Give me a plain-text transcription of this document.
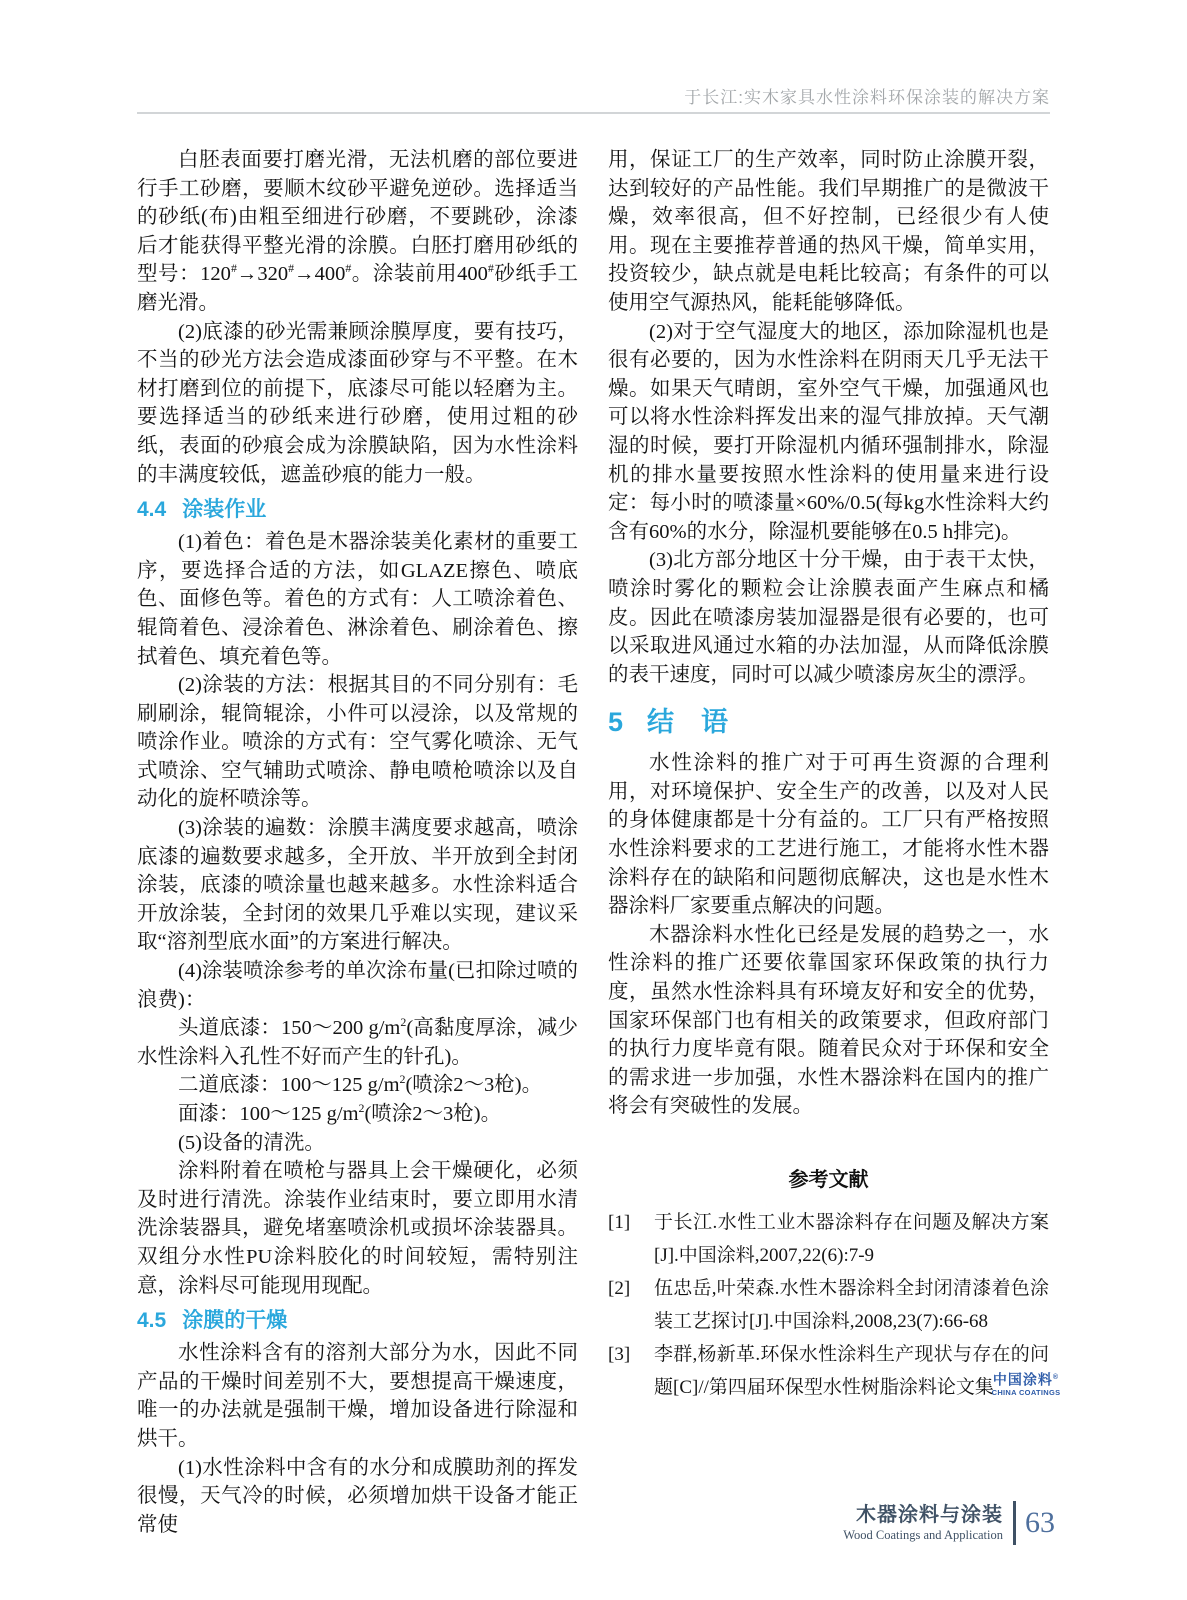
于长江:实木家具水性涂料环保涂装的解决方案

白胚表面要打磨光滑，无法机磨的部位要进行手工砂磨，要顺木纹砂平避免逆砂。选择适当的砂纸(布)由粗至细进行砂磨，不要跳砂，涂漆后才能获得平整光滑的涂膜。白胚打磨用砂纸的型号：120#→320#→400#。涂装前用400#砂纸手工磨光滑。

(2)底漆的砂光需兼顾涂膜厚度，要有技巧，不当的砂光方法会造成漆面砂穿与不平整。在木材打磨到位的前提下，底漆尽可能以轻磨为主。要选择适当的砂纸来进行砂磨，使用过粗的砂纸，表面的砂痕会成为涂膜缺陷，因为水性涂料的丰满度较低，遮盖砂痕的能力一般。

4.4 涂装作业

(1)着色：着色是木器涂装美化素材的重要工序，要选择合适的方法，如GLAZE擦色、喷底色、面修色等。着色的方式有：人工喷涂着色、辊筒着色、浸涂着色、淋涂着色、刷涂着色、擦拭着色、填充着色等。

(2)涂装的方法：根据其目的不同分别有：毛刷刷涂，辊筒辊涂，小件可以浸涂，以及常规的喷涂作业。喷涂的方式有：空气雾化喷涂、无气式喷涂、空气辅助式喷涂、静电喷枪喷涂以及自动化的旋杯喷涂等。

(3)涂装的遍数：涂膜丰满度要求越高，喷涂底漆的遍数要求越多，全开放、半开放到全封闭涂装，底漆的喷涂量也越来越多。水性涂料适合开放涂装，全封闭的效果几乎难以实现，建议采取“溶剂型底水面”的方案进行解决。

(4)涂装喷涂参考的单次涂布量(已扣除过喷的浪费)：

头道底漆：150～200 $g/m^2$(高黏度厚涂，减少水性涂料入孔性不好而产生的针孔)。

二道底漆：100～125 $g/m^2$(喷涂2～3枪)。

面漆：100～125 $g/m^2$(喷涂2～3枪)。

(5)设备的清洗。

涂料附着在喷枪与器具上会干燥硬化，必须及时进行清洗。涂装作业结束时，要立即用水清洗涂装器具，避免堵塞喷涂机或损坏涂装器具。双组分水性PU涂料胶化的时间较短，需特别注意，涂料尽可能现用现配。

4.5 涂膜的干燥

水性涂料含有的溶剂大部分为水，因此不同产品的干燥时间差别不大，要想提高干燥速度，唯一的办法就是强制干燥，增加设备进行除湿和烘干。

(1)水性涂料中含有的水分和成膜助剂的挥发很慢，天气冷的时候，必须增加烘干设备才能正常使

用，保证工厂的生产效率，同时防止涂膜开裂，达到较好的产品性能。我们早期推广的是微波干燥，效率很高，但不好控制，已经很少有人使用。现在主要推荐普通的热风干燥，简单实用，投资较少，缺点就是电耗比较高；有条件的可以使用空气源热风，能耗能够降低。

(2)对于空气湿度大的地区，添加除湿机也是很有必要的，因为水性涂料在阴雨天几乎无法干燥。如果天气晴朗，室外空气干燥，加强通风也可以将水性涂料挥发出来的湿气排放掉。天气潮湿的时候，要打开除湿机内循环强制排水，除湿机的排水量要按照水性涂料的使用量来进行设定：每小时的喷漆量×60%/0.5(每kg水性涂料大约含有60%的水分，除湿机要能够在0.5 h排完)。

(3)北方部分地区十分干燥，由于表干太快，喷涂时雾化的颗粒会让涂膜表面产生麻点和橘皮。因此在喷漆房装加湿器是很有必要的，也可以采取进风通过水箱的办法加湿，从而降低涂膜的表干速度，同时可以减少喷漆房灰尘的漂浮。

5 结　语

水性涂料的推广对于可再生资源的合理利用，对环境保护、安全生产的改善，以及对人民的身体健康都是十分有益的。工厂只有严格按照水性涂料要求的工艺进行施工，才能将水性木器涂料存在的缺陷和问题彻底解决，这也是水性木器涂料厂家要重点解决的问题。

木器涂料水性化已经是发展的趋势之一，水性涂料的推广还要依靠国家环保政策的执行力度，虽然水性涂料具有环境友好和安全的优势，国家环保部门也有相关的政策要求，但政府部门的执行力度毕竟有限。随着民众对于环保和安全的需求进一步加强，水性木器涂料在国内的推广将会有突破性的发展。

参考文献
[1]	于长江.水性工业木器涂料存在问题及解决方案[J].中国涂料,2007,22(6):7-9
[2]	伍忠岳,叶荣森.水性木器涂料全封闭清漆着色涂装工艺探讨[J].中国涂料,2008,23(7):66-68
[3]	李群,杨新革.环保水性涂料生产现状与存在的问题[C]//第四届环保型水性树脂涂料论文集 中国涂料®
CHINA COATINGS
木器涂料与涂装
Wood Coatings and Application 63
